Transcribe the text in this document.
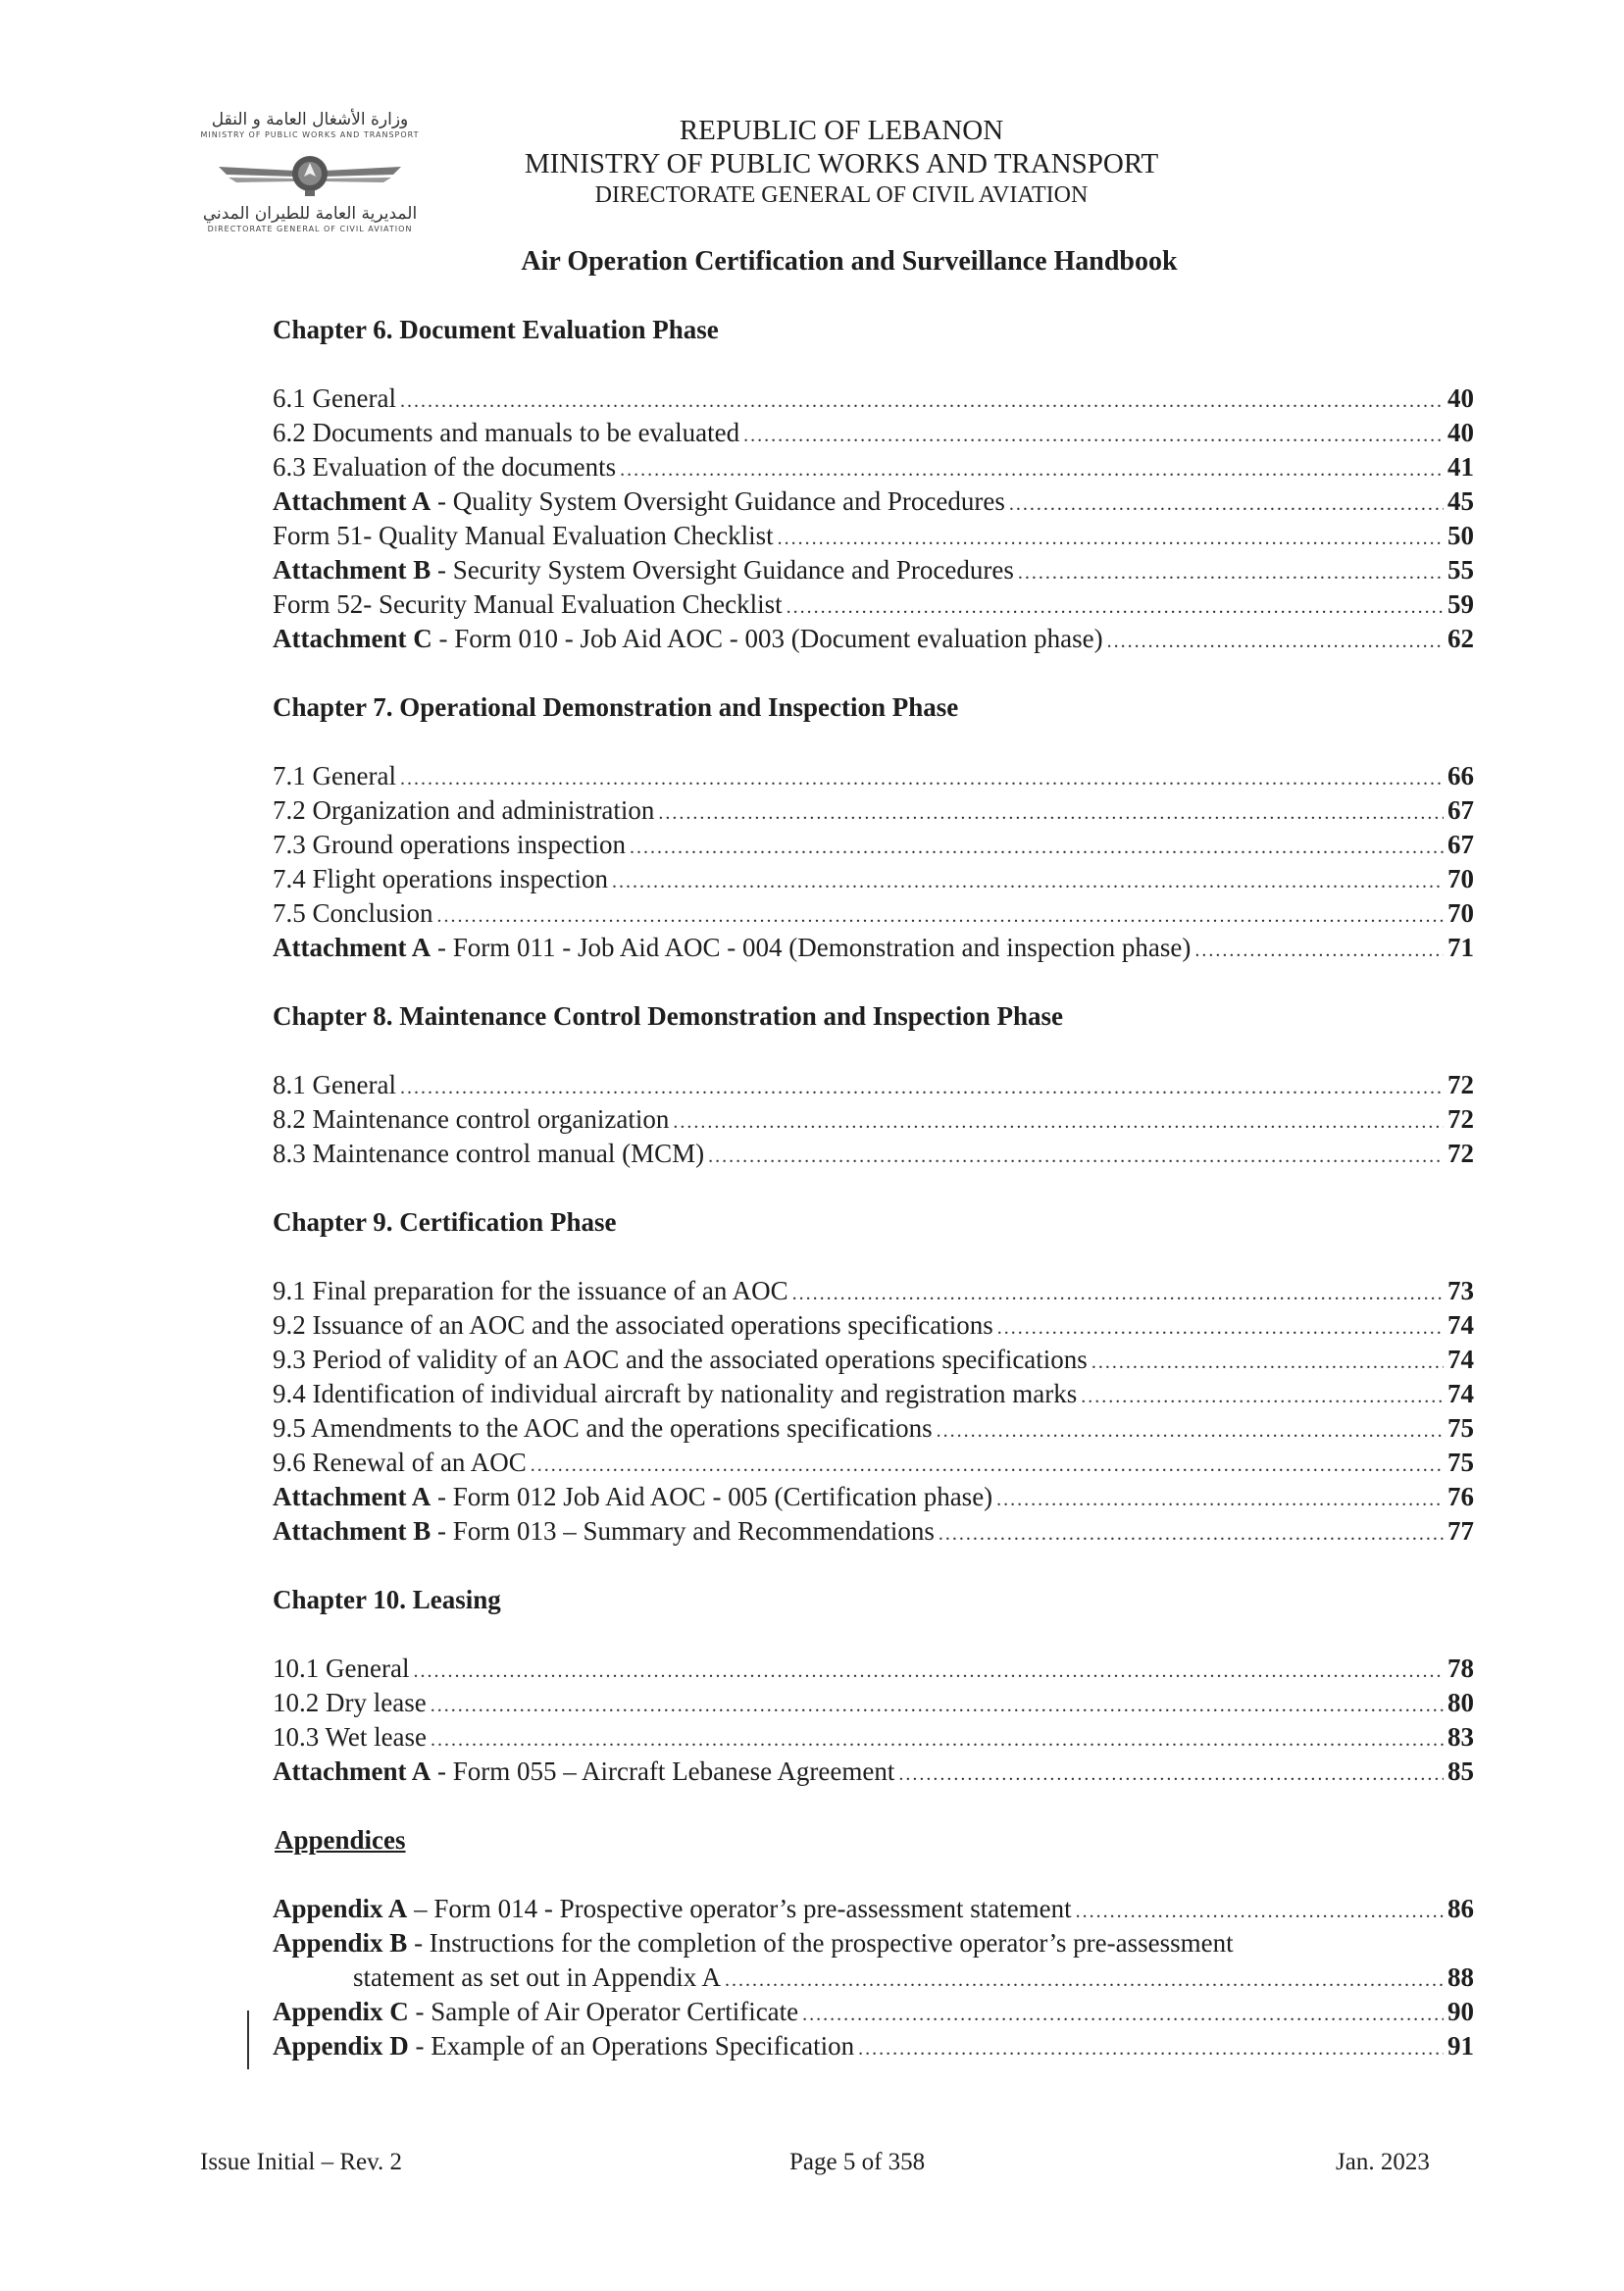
وزارة الأشغال العامة و النقل
MINISTRY OF PUBLIC WORKS AND TRANSPORT
المديرية العامة للطيران المدني
DIRECTORATE GENERAL OF CIVIL AVIATION
REPUBLIC OF LEBANON
MINISTRY OF PUBLIC WORKS AND TRANSPORT
DIRECTORATE GENERAL OF CIVIL AVIATION
Air Operation Certification and Surveillance Handbook
Chapter 6. Document Evaluation Phase
6.1 General .....	40
6.2 Documents and manuals to be evaluated .....	40
6.3 Evaluation of the documents .....	41
Attachment A - Quality System Oversight Guidance and Procedures .....	45
Form 51- Quality Manual Evaluation Checklist .....	50
Attachment B - Security System Oversight Guidance and Procedures .....	55
Form 52- Security Manual Evaluation Checklist .....	59
Attachment C - Form 010 - Job Aid AOC - 003 (Document evaluation phase) .....	62
Chapter 7. Operational Demonstration and Inspection Phase
7.1 General .....	66
7.2 Organization and administration .....	67
7.3 Ground operations inspection .....	67
7.4 Flight operations inspection .....	70
7.5 Conclusion .....	70
Attachment A - Form 011 - Job Aid AOC - 004 (Demonstration and inspection phase) .....	71
Chapter 8. Maintenance Control Demonstration and Inspection Phase
8.1 General .....	72
8.2 Maintenance control organization .....	72
8.3 Maintenance control manual (MCM) .....	72
Chapter 9. Certification Phase
9.1 Final preparation for the issuance of an AOC .....	73
9.2 Issuance of an AOC and the associated operations specifications .....	74
9.3 Period of validity of an AOC and the associated operations specifications .....	74
9.4 Identification of individual aircraft by nationality and registration marks .....	74
9.5 Amendments to the AOC and the operations specifications .....	75
9.6 Renewal of an AOC .....	75
Attachment A - Form 012 Job Aid AOC - 005 (Certification phase) .....	76
Attachment B - Form 013 – Summary and Recommendations .....	77
Chapter 10. Leasing
10.1 General .....	78
10.2 Dry lease .....	80
10.3 Wet lease .....	83
Attachment A - Form 055 – Aircraft Lebanese Agreement .....	85
Appendices
Appendix A – Form 014 - Prospective operator’s pre-assessment statement .....	86
Appendix B - Instructions for the completion of the prospective operator’s pre-assessment
statement as set out in Appendix A .....	88
Appendix C - Sample of Air Operator Certificate .....	90
Appendix D - Example of an Operations Specification .....	91
Issue Initial – Rev. 2	Page 5 of 358	Jan. 2023
